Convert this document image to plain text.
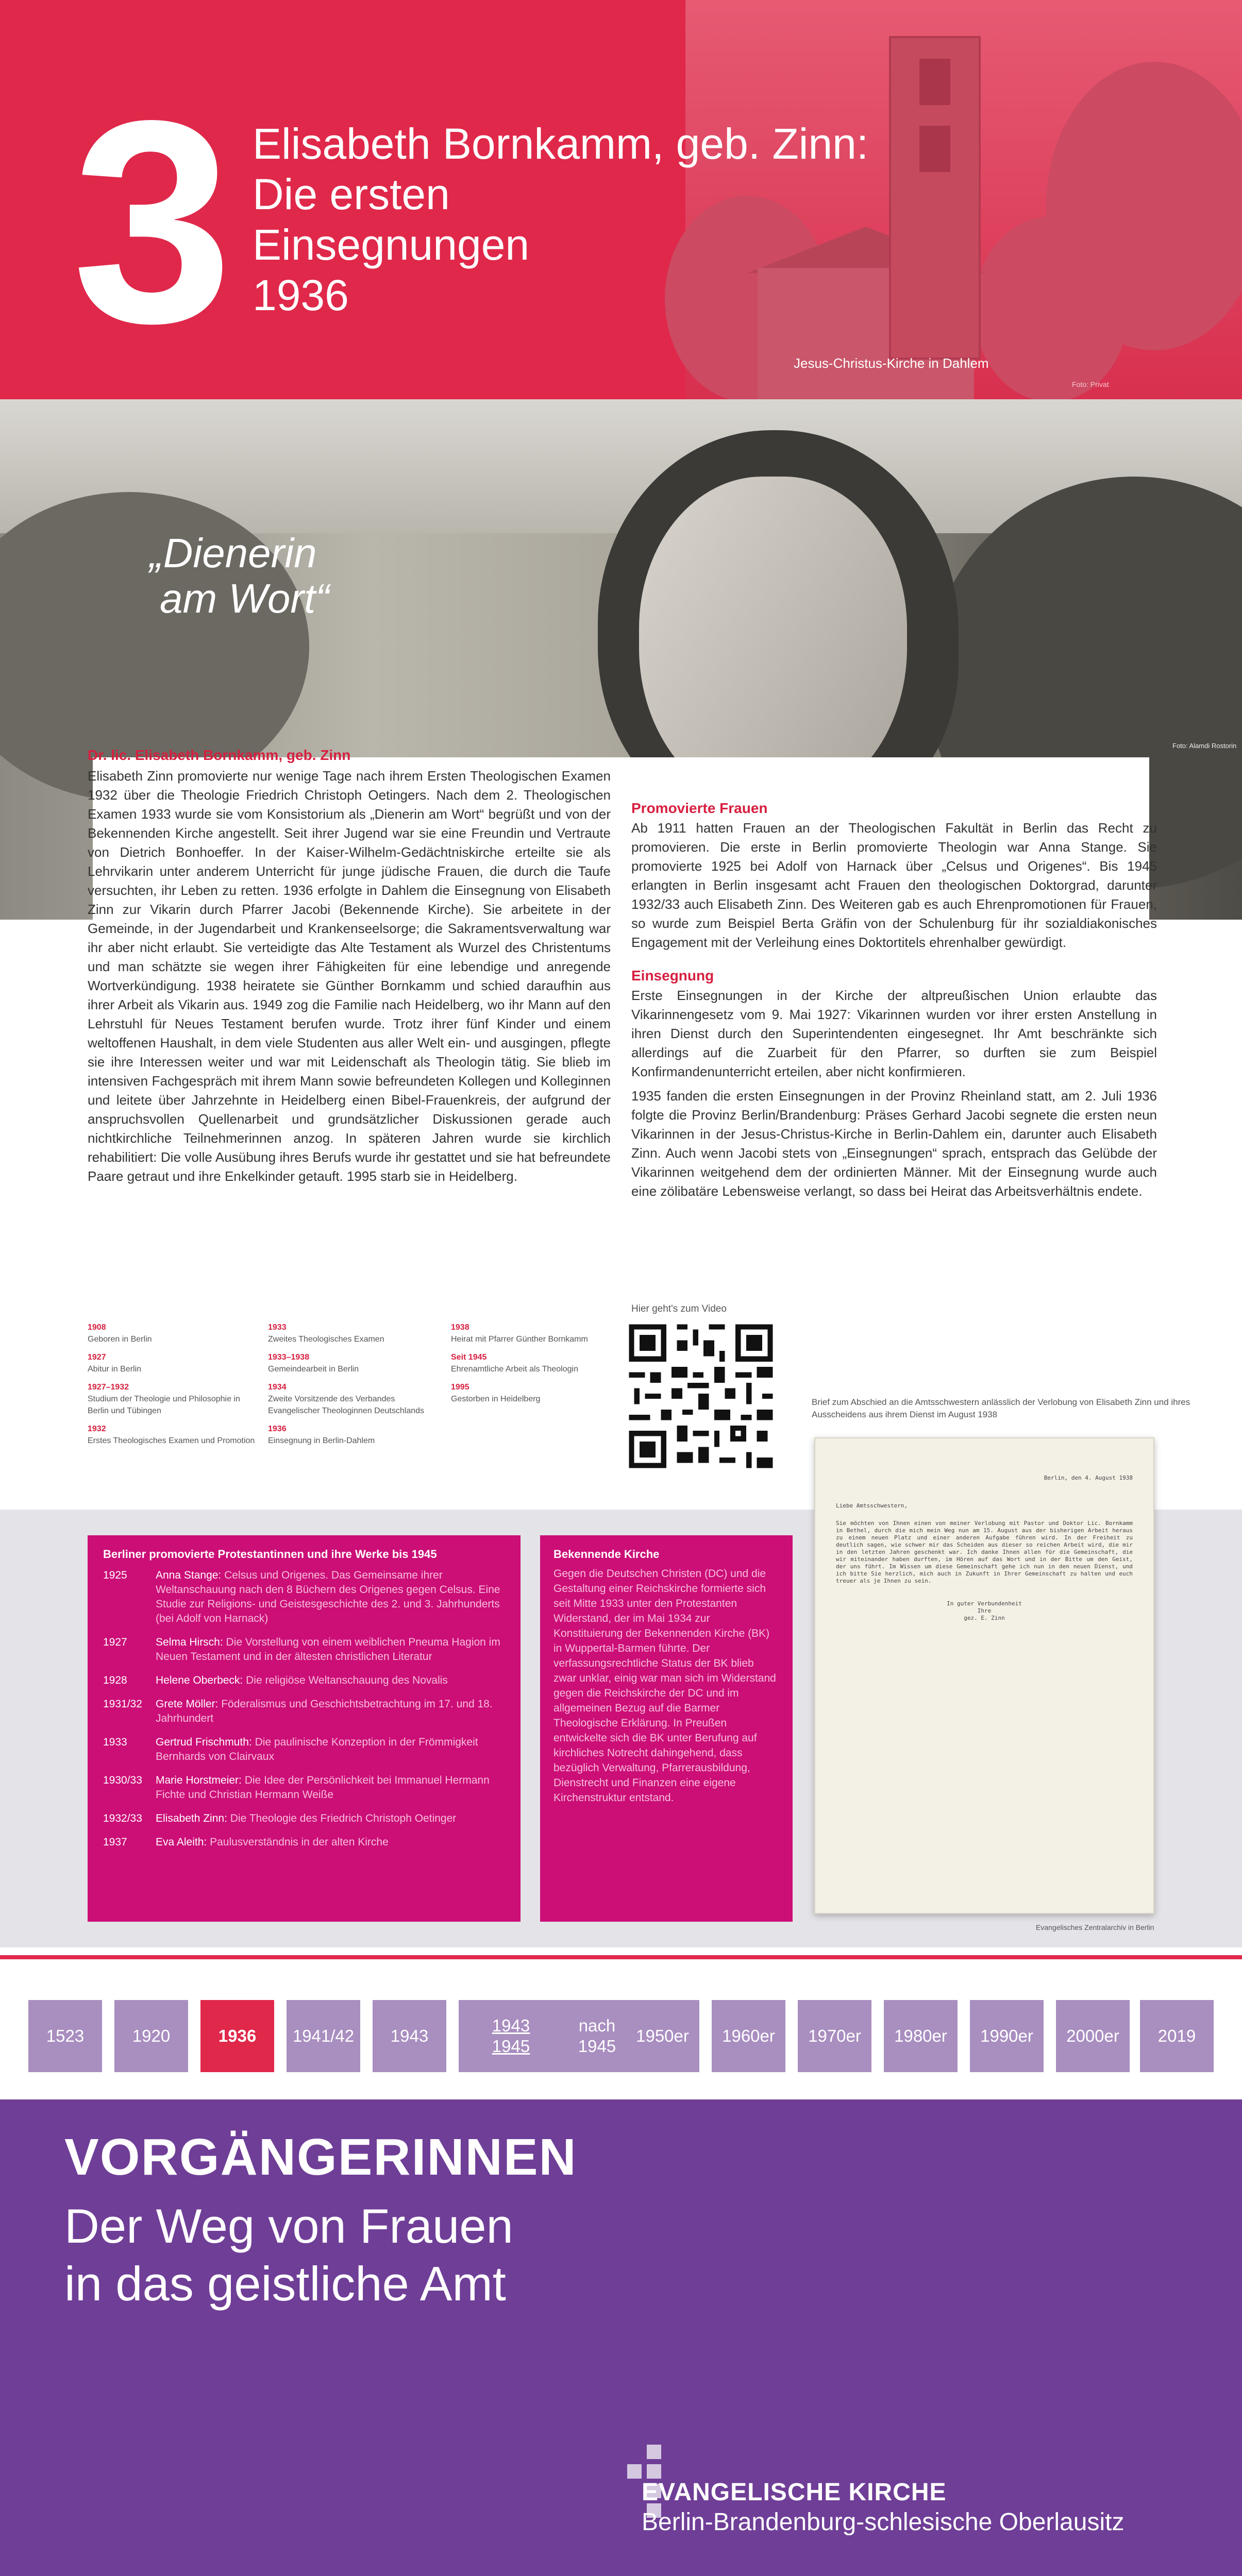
3 Elisabeth Bornkamm, geb. Zinn:
Die ersten
Einsegnungen
1936
Jesus-Christus-Kirche in Dahlem
Foto: Privat
„Dienerin
am Wort“
Foto: Alamdi Rostorin
Dr. lic. Elisabeth Bornkamm, geb. Zinn

Elisabeth Zinn promovierte nur wenige Tage nach ihrem Ersten Theologischen Examen 1932 über die Theologie Friedrich Christoph Oetingers. Nach dem 2. Theologischen Examen 1933 wurde sie vom Konsistorium als „Dienerin am Wort“ begrüßt und von der Bekennenden Kirche angestellt. Seit ihrer Jugend war sie eine Freundin und Vertraute von Dietrich Bonhoeffer. In der Kaiser-Wilhelm-Gedächtniskirche erteilte sie als Lehrvikarin unter anderem Unterricht für junge jüdische Frauen, die durch die Taufe versuchten, ihr Leben zu retten. 1936 erfolgte in Dahlem die Einsegnung von Elisabeth Zinn zur Vikarin durch Pfarrer Jacobi (Bekennende Kirche). Sie arbeitete in der Gemeinde, in der Jugendarbeit und Krankenseelsorge; die Sakramentsverwaltung war ihr aber nicht erlaubt. Sie verteidigte das Alte Testament als Wurzel des Christentums und man schätzte sie wegen ihrer Fähigkeiten für eine lebendige und anregende Wortverkündigung. 1938 heiratete sie Günther Bornkamm und schied daraufhin aus ihrer Arbeit als Vikarin aus. 1949 zog die Familie nach Heidelberg, wo ihr Mann auf den Lehrstuhl für Neues Testament berufen wurde. Trotz ihrer fünf Kinder und einem weltoffenen Haushalt, in dem viele Studenten aus aller Welt ein- und ausgingen, pflegte sie ihre Interessen weiter und war mit Leidenschaft als Theologin tätig. Sie blieb im intensiven Fachgespräch mit ihrem Mann sowie befreundeten Kollegen und Kolleginnen und leitete über Jahrzehnte in Heidelberg einen Bibel-Frauenkreis, der aufgrund der anspruchsvollen Quellenarbeit und grundsätzlicher Diskussionen gerade auch nichtkirchliche Teilnehmerinnen anzog. In späteren Jahren wurde sie kirchlich rehabilitiert: Die volle Ausübung ihres Berufs wurde ihr gestattet und sie hat befreundete Paare getraut und ihre Enkelkinder getauft. 1995 starb sie in Heidelberg.

Promovierte Frauen

Ab 1911 hatten Frauen an der Theologischen Fakultät in Berlin das Recht zu promovieren. Die erste in Berlin promovierte Theologin war Anna Stange. Sie promovierte 1925 bei Adolf von Harnack über „Celsus und Origenes“. Bis 1945 erlangten in Berlin insgesamt acht Frauen den theologischen Doktorgrad, darunter 1932/33 auch Elisabeth Zinn. Des Weiteren gab es auch Ehrenpromotionen für Frauen, so wurde zum Beispiel Berta Gräfin von der Schulenburg für ihr sozialdiakonisches Engagement mit der Verleihung eines Doktortitels ehrenhalber gewürdigt.

Einsegnung

Erste Einsegnungen in der Kirche der altpreußischen Union erlaubte das Vikarinnengesetz vom 9. Mai 1927: Vikarinnen wurden vor ihrer ersten Anstellung in ihren Dienst durch den Superintendenten eingesegnet. Ihr Amt beschränkte sich allerdings auf die Zuarbeit für den Pfarrer, so durften sie zum Beispiel Konfirmandenunterricht erteilen, aber nicht konfirmieren.

1935 fanden die ersten Einsegnungen in der Provinz Rheinland statt, am 2. Juli 1936 folgte die Provinz Berlin/Brandenburg: Präses Gerhard Jacobi segnete die ersten neun Vikarinnen in der Jesus-Christus-Kirche in Berlin-Dahlem ein, darunter auch Elisabeth Zinn. Auch wenn Jacobi stets von „Einsegnungen“ sprach, entsprach das Gelübde der Vikarinnen weitgehend dem der ordinierten Männer. Mit der Einsegnung wurde auch eine zölibatäre Lebensweise verlangt, so dass bei Heirat das Arbeitsverhältnis endete.

1908
Geboren in Berlin
1927
Abitur in Berlin
1927–1932
Studium der Theologie und Philosophie in Berlin und Tübingen
1932
Erstes Theologisches Examen und Promotion
1933
Zweites Theologisches Examen
1933–1938
Gemeindearbeit in Berlin
1934
Zweite Vorsitzende des Verbandes Evangelischer Theologinnen Deutschlands
1936
Einsegnung in Berlin-Dahlem
1938
Heirat mit Pfarrer Günther Bornkamm
Seit 1945
Ehrenamtliche Arbeit als Theologin
1995
Gestorben in Heidelberg
Hier geht's zum Video
Brief zum Abschied an die Amtsschwestern anlässlich der Verlobung von Elisabeth Zinn und ihres Ausscheidens aus ihrem Dienst im August 1938
Berlin, den 4. August 1938
Liebe Amtsschwestern,
Sie möchten von Ihnen einen von meiner Verlobung mit Pastor und Doktor Lic. Bornkamm in Bethel, durch die mich mein Weg nun am 15. August aus der bisherigen Arbeit heraus zu einem neuen Platz und einer anderen Aufgabe führen wird. In der Freiheit zu deutlich sagen, wie schwer mir das Scheiden aus dieser so reichen Arbeit wird, die mir in den letzten Jahren geschenkt war. Ich danke Ihnen allen für die Gemeinschaft, die wir miteinander haben durften, im Hören auf das Wort und in der Bitte um den Geist, der uns führt. Im Wissen um diese Gemeinschaft gehe ich nun in den neuen Dienst, und ich bitte Sie herzlich, mich auch in Zukunft in Ihrer Gemeinschaft zu halten und euch treuer als je Ihnen zu sein.
In guter Verbundenheit
Ihre
gez. E. Zinn
Evangelisches Zentralarchiv in Berlin
Berliner promovierte Protestantinnen und ihre Werke bis 1945
1925	Anna Stange: Celsus und Origenes. Das Gemeinsame ihrer Weltanschauung nach den 8 Büchern des Origenes gegen Celsus. Eine Studie zur Religions- und Geistesgeschichte des 2. und 3. Jahrhunderts (bei Adolf von Harnack)
1927	Selma Hirsch: Die Vorstellung von einem weiblichen Pneuma Hagion im Neuen Testament und in der ältesten christlichen Literatur
1928	Helene Oberbeck: Die religiöse Weltanschauung des Novalis
1931/32	Grete Möller: Föderalismus und Geschichtsbetrachtung im 17. und 18. Jahrhundert
1933	Gertrud Frischmuth: Die paulinische Konzeption in der Frömmigkeit Bernhards von Clairvaux
1930/33	Marie Horstmeier: Die Idee der Persönlichkeit bei Immanuel Hermann Fichte und Christian Hermann Weiße
1932/33	Elisabeth Zinn: Die Theologie des Friedrich Christoph Oetinger
1937	Eva Aleith: Paulusverständnis in der alten Kirche
Bekennende Kirche
Gegen die Deutschen Christen (DC) und die Gestaltung einer Reichskirche formierte sich seit Mitte 1933 unter den Protestanten Widerstand, der im Mai 1934 zur Konstituierung der Bekennenden Kirche (BK) in Wuppertal-Barmen führte. Der verfassungsrechtliche Status der BK blieb zwar unklar, einig war man sich im Widerstand gegen die Reichskirche der DC und im allgemeinen Bezug auf die Barmer Theologische Erklärung. In Preußen entwickelte sich die BK unter Berufung auf kirchliches Notrecht dahingehend, dass bezüglich Verwaltung, Pfarrerausbildung, Dienstrecht und Finanzen eine eigene Kirchenstruktur entstand.
1523	1920	1936	1941/42	1943
1943
1945
nach
1945
1950er	1960er	1970er	1980er	1990er	2000er	2019
VORGÄNGERINNEN
Der Weg von Frauen
in das geistliche Amt
EVANGELISCHE KIRCHE
Berlin-Brandenburg-schlesische Oberlausitz
